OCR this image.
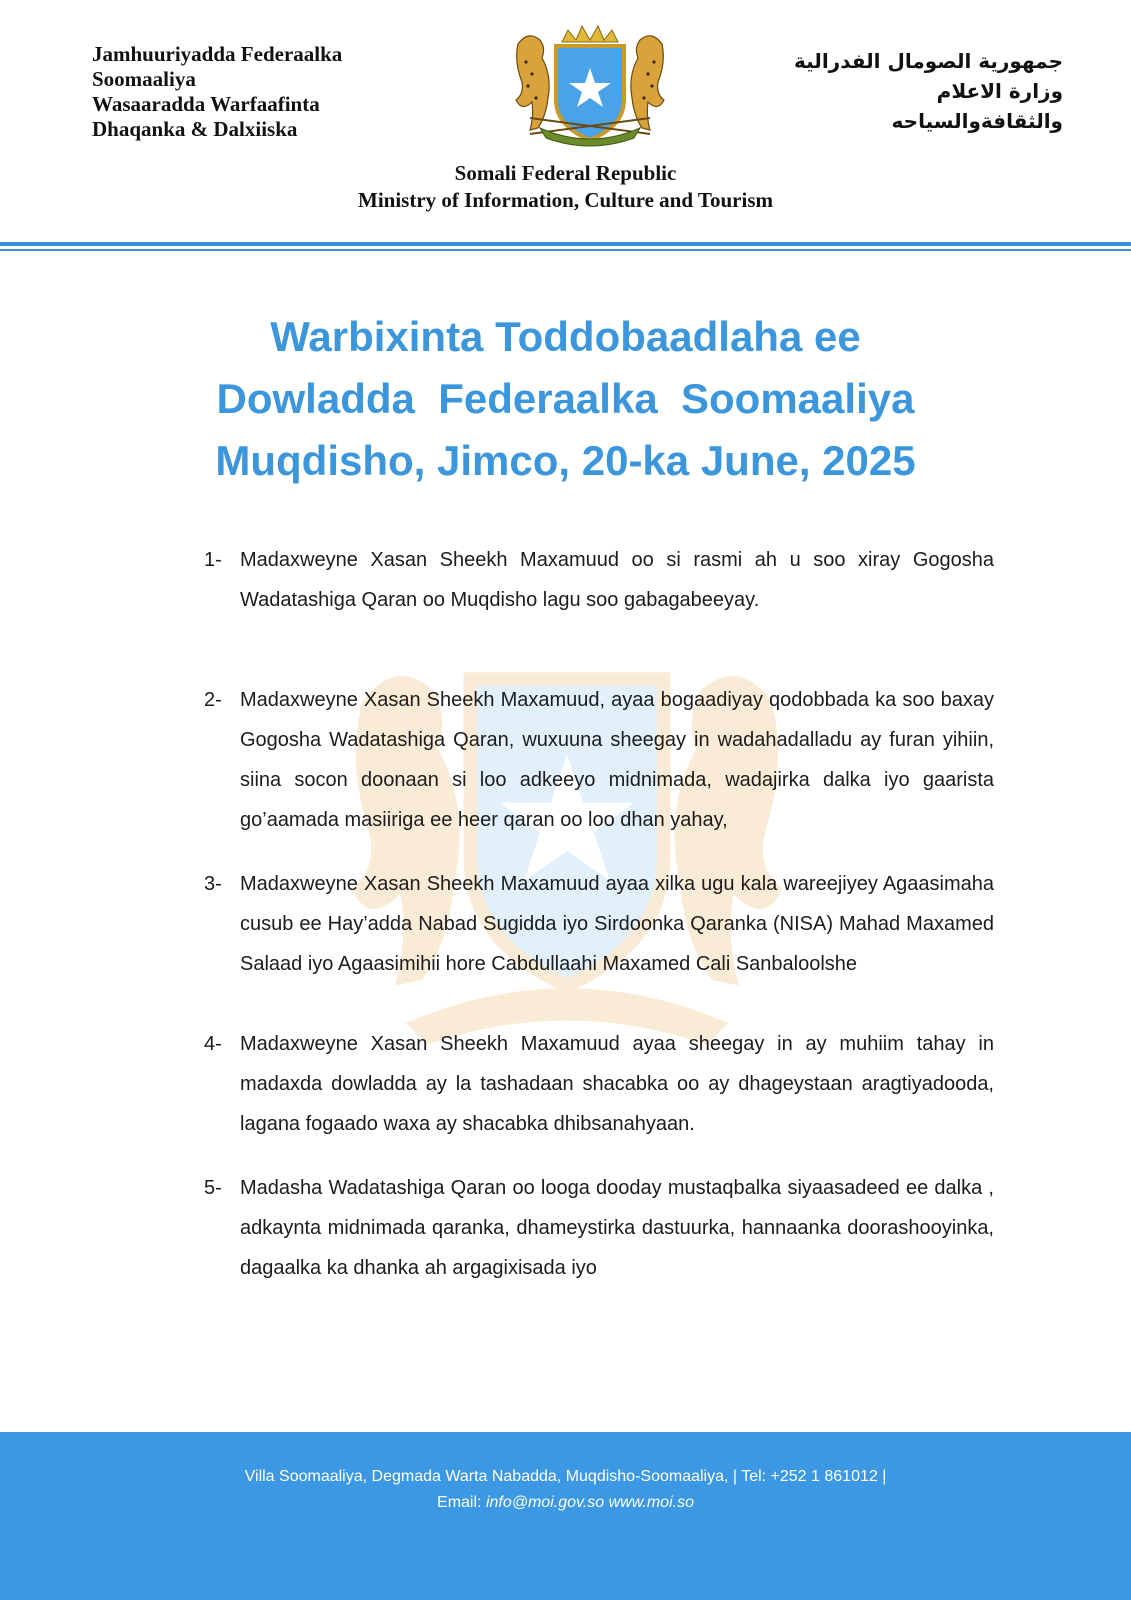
Jamhuuriyadda Federaalka
Soomaaliya
Wasaaradda Warfaafinta
Dhaqanka & Dalxiiska
جمهورية الصومال الفدرالية
وزارة الاعلام
والثقافةوالسياحه
Somali Federal Republic
Ministry of Information, Culture and Tourism
Warbixinta Toddobaadlaha ee
Dowladda  Federaalka  Soomaaliya
Muqdisho, Jimco, 20-ka June, 2025
1- Madaxweyne Xasan Sheekh Maxamuud oo si rasmi ah u soo xiray Gogosha Wadatashiga Qaran oo Muqdisho lagu soo gabagabeeyay.
2- Madaxweyne Xasan Sheekh Maxamuud, ayaa bogaadiyay qodobbada ka soo baxay Gogosha Wadatashiga Qaran, wuxuuna sheegay in wadahadalladu ay furan yihiin, siina socon doonaan si loo adkeeyo midnimada, wadajirka dalka iyo gaarista go’aamada masiiriga ee heer qaran oo loo dhan yahay,
3- Madaxweyne Xasan Sheekh Maxamuud ayaa xilka ugu kala wareejiyey Agaasimaha cusub ee Hay’adda Nabad Sugidda iyo Sirdoonka Qaranka (NISA) Mahad Maxamed Salaad iyo Agaasimihii hore Cabdullaahi Maxamed Cali Sanbaloolshe
4- Madaxweyne Xasan Sheekh Maxamuud ayaa sheegay in ay muhiim tahay in madaxda dowladda ay la tashadaan shacabka oo ay dhageystaan aragtiyadooda, lagana fogaado waxa ay shacabka dhibsanahyaan.
5- Madasha Wadatashiga Qaran oo looga dooday mustaqbalka siyaasadeed ee dalka , adkaynta midnimada qaranka, dhameystirka dastuurka, hannaanka doorashooyinka, dagaalka ka dhanka ah argagixisada iyo
Villa Soomaaliya, Degmada Warta Nabadda, Muqdisho-Soomaaliya, | Tel: +252 1 861012 |
Email: info@moi.gov.so www.moi.so
